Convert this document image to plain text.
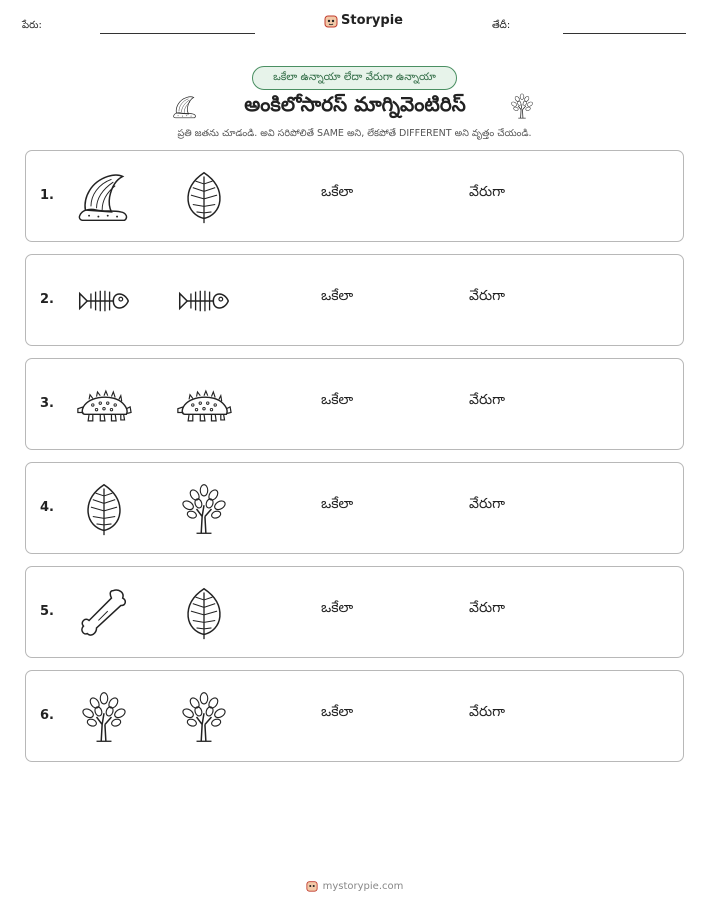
పేరు:	Storypie	తేదీ:
ఒకేలా ఉన్నాయా లేదా వేరుగా ఉన్నాయా
అంకిలోసారస్ మాగ్నివెంటిరిస్
ప్రతి జతను చూడండి. అవి సరిపోలితే SAME అని, లేకపోతే DIFFERENT అని వృత్తం చేయండి.
1.	ఒకేలా	వేరుగా
2.	ఒకేలా	వేరుగా
3.	ఒకేలా	వేరుగా
4.	ఒకేలా	వేరుగా
5.	ఒకేలా	వేరుగా
6.	ఒకేలా	వేరుగా
mystorypie.com
